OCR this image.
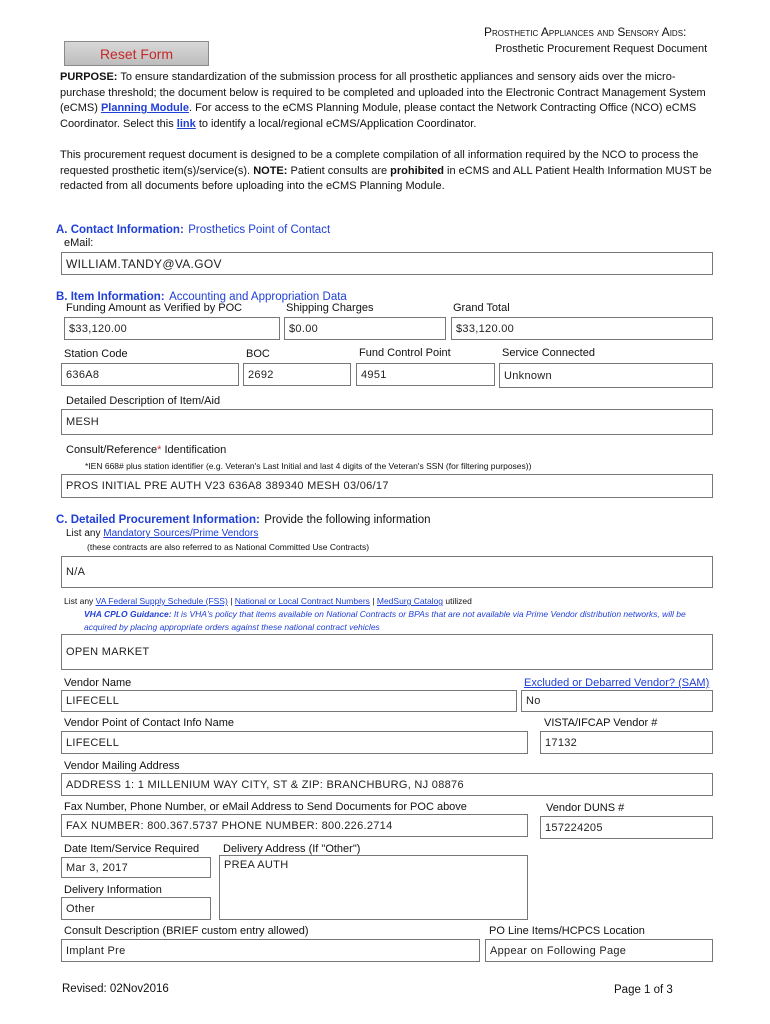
Prosthetic Appliances and Sensory Aids:
Prosthetic Procurement Request Document
Reset Form
PURPOSE: To ensure standardization of the submission process for all prosthetic appliances and sensory aids over the micro-purchase threshold; the document below is required to be completed and uploaded into the Electronic Contract Management System (eCMS) Planning Module. For access to the eCMS Planning Module, please contact the Network Contracting Office (NCO) eCMS Coordinator. Select this link to identify a local/regional eCMS/Application Coordinator.
This procurement request document is designed to be a complete compilation of all information required by the NCO to process the requested prosthetic item(s)/service(s). NOTE: Patient consults are prohibited in eCMS and ALL Patient Health Information MUST be redacted from all documents before uploading into the eCMS Planning Module.
A. Contact Information: Prosthetics Point of Contact
eMail:
WILLIAM.TANDY@VA.GOV
B. Item Information: Accounting and Appropriation Data
Funding Amount as Verified by POC	Shipping Charges	Grand Total
$33,120.00	$0.00	$33,120.00
Station Code	BOC	Fund Control Point	Service Connected
636A8	2692	4951	Unknown
Detailed Description of Item/Aid
MESH
Consult/Reference* Identification
*IEN 668# plus station identifier (e.g. Veteran's Last Initial and last 4 digits of the Veteran's SSN (for filtering purposes))
PROS INITIAL PRE AUTH V23 636A8 389340 MESH 03/06/17
C. Detailed Procurement Information: Provide the following information
List any Mandatory Sources/Prime Vendors
(these contracts are also referred to as National Committed Use Contracts)
N/A
List any VA Federal Supply Schedule (FSS) | National or Local Contract Numbers | MedSurg Catalog utilized
VHA CPLO Guidance: It is VHA's policy that items available on National Contracts or BPAs that are not available via Prime Vendor distribution networks, will be acquired by placing appropriate orders against these national contract vehicles
OPEN MARKET
Vendor Name	Excluded or Debarred Vendor? (SAM)
LIFECELL	No
Vendor Point of Contact Info Name	VISTA/IFCAP Vendor #
LIFECELL	17132
Vendor Mailing Address
ADDRESS 1: 1 MILLENIUM WAY CITY, ST & ZIP: BRANCHBURG, NJ 08876
Fax Number, Phone Number, or eMail Address to Send Documents for POC above	Vendor DUNS #
FAX NUMBER: 800.367.5737 PHONE NUMBER: 800.226.2714	157224205
Date Item/Service Required Delivery Address (If "Other")
Mar 3, 2017	PREA AUTH
Delivery Information
Other
Consult Description (BRIEF custom entry allowed)	PO Line Items/HCPCS Location
Implant Pre	Appear on Following Page
Revised: 02Nov2016	Page 1 of 3
